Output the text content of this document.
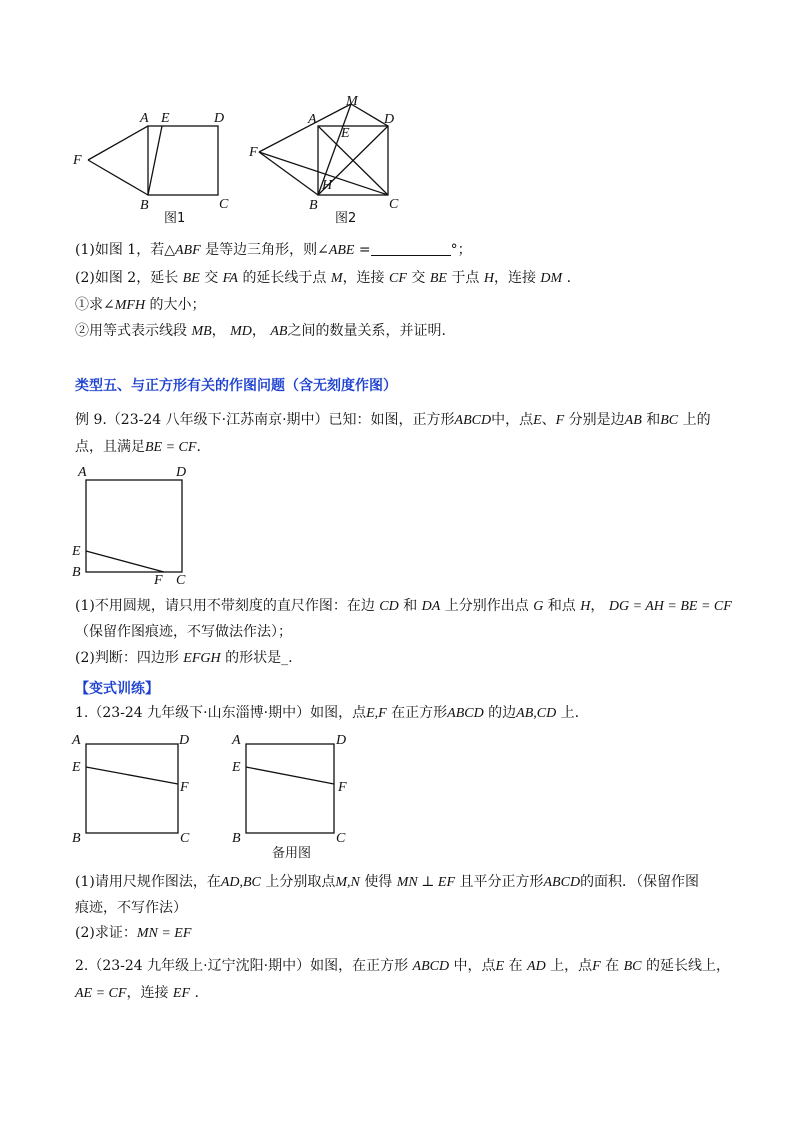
A E	D
F
B	C
图1
M
A
E
D
F
H
B	C
图2
(1)如图 1，若△ABF 是等边三角形，则∠ABE =	°；
(2)如图 2，延长 BE 交 FA 的延长线于点 M，连接 CF 交 BE 于点 H，连接 DM .
①求∠MFH 的大小；
②用等式表示线段 MB， MD， AB之间的数量关系，并证明.
类型五、与正方形有关的作图问题（含无刻度作图）
例 9.（23-24 八年级下·江苏南京·期中）已知：如图，正方形ABCD中，点E、F 分别是边AB 和BC 上的
点，且满足BE = CF.
A	D
E
B
F C
(1)不用圆规，请只用不带刻度的直尺作图：在边 CD 和 DA 上分别作出点 G 和点 H， DG = AH = BE = CF
（保留作图痕迹，不写做法作法）；
(2)判断：四边形 EFGH 的形状是_.
【变式训练】
1.（23-24 九年级下·山东淄博·期中）如图，点E,F 在正方形ABCD 的边AB,CD 上.
A	D
E
F
B	C
A	D
E
F
B	C
备用图
(1)请用尺规作图法，在AD,BC 上分别取点M,N 使得 MN ⊥ EF 且平分正方形ABCD的面积．（保留作图
痕迹，不写作法）
(2)求证：MN = EF
2.（23-24 九年级上·辽宁沈阳·期中）如图，在正方形 ABCD 中，点E 在 AD 上，点F 在 BC 的延长线上，
AE = CF，连接 EF .
